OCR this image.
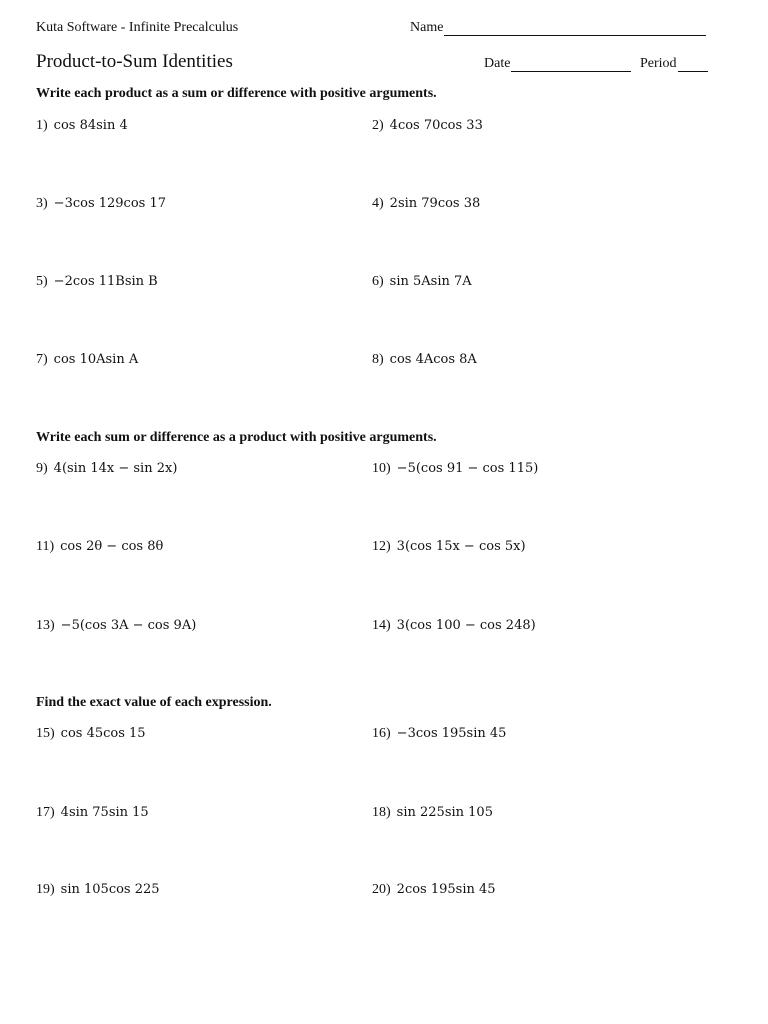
Kuta Software - Infinite Precalculus	Name
Product-to-Sum Identities	Date	Period
Write each product as a sum or difference with positive arguments.
1) cos 84sin 4	2) 4cos 70cos 33
3) −3cos 129cos 17	4) 2sin 79cos 38
5) −2cos 11Bsin B	6) sin 5Asin 7A
7) cos 10Asin A	8) cos 4Acos 8A
Write each sum or difference as a product with positive arguments.
9) 4(sin 14x − sin 2x)	10) −5(cos 91 − cos 115)
11) cos 2θ − cos 8θ	12) 3(cos 15x − cos 5x)
13) −5(cos 3A − cos 9A)	14) 3(cos 100 − cos 248)
Find the exact value of each expression.
15) cos 45cos 15	16) −3cos 195sin 45
17) 4sin 75sin 15	18) sin 225sin 105
19) sin 105cos 225	20) 2cos 195sin 45
